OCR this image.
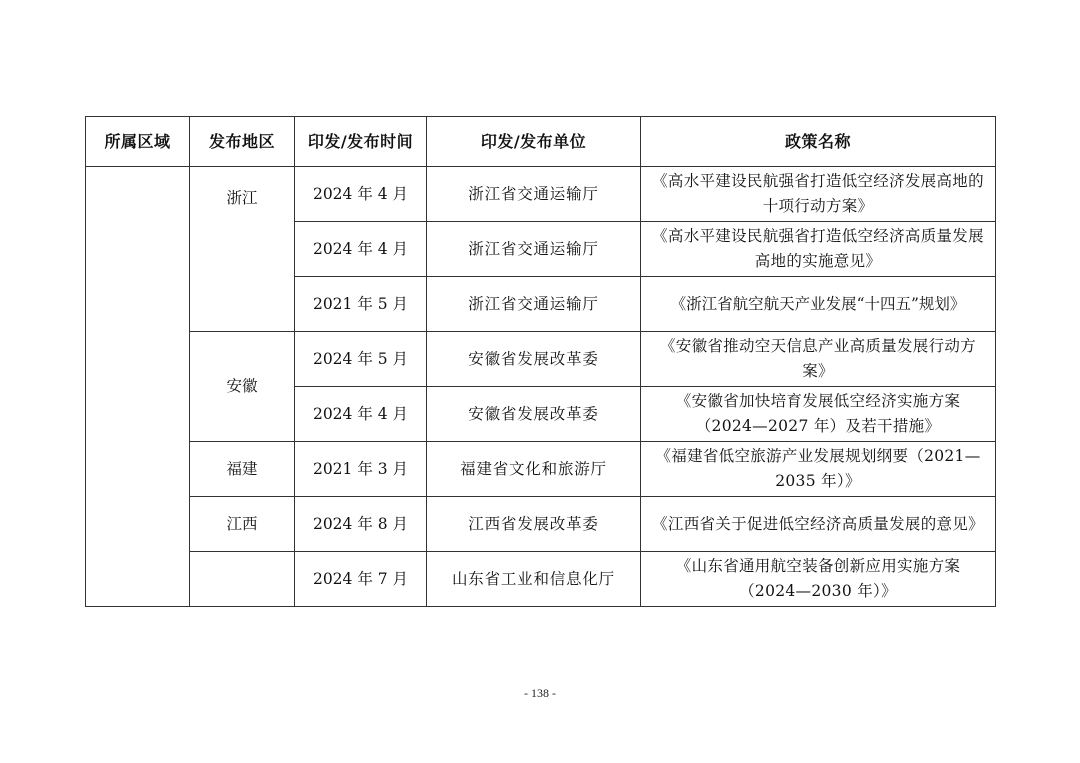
所属区域	发布地区	印发/发布时间	印发/发布单位	政策名称
	浙江	2024 年 4 月	浙江省交通运输厅	《高水平建设民航强省打造低空经济发展高地的十项行动方案》
		2024 年 4 月	浙江省交通运输厅	《高水平建设民航强省打造低空经济高质量发展高地的实施意见》
		2021 年 5 月	浙江省交通运输厅	《浙江省航空航天产业发展“十四五”规划》
	安徽	2024 年 5 月	安徽省发展改革委	《安徽省推动空天信息产业高质量发展行动方案》
		2024 年 4 月	安徽省发展改革委	《安徽省加快培育发展低空经济实施方案（2024—2027 年）及若干措施》
	福建	2021 年 3 月	福建省文化和旅游厅	《福建省低空旅游产业发展规划纲要（2021—2035 年）》
	江西	2024 年 8 月	江西省发展改革委	《江西省关于促进低空经济高质量发展的意见》
		2024 年 7 月	山东省工业和信息化厅	《山东省通用航空装备创新应用实施方案（2024—2030 年）》
- 138 -
